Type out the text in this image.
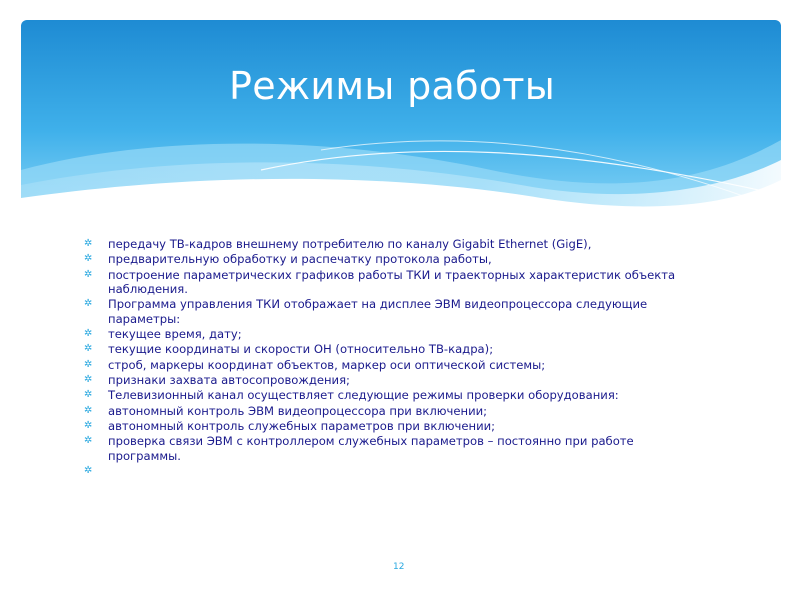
Режимы работы
✲ передачу ТВ-кадров внешнему потребителю по каналу Gigabit Ethernet (GigE),
✲ предварительную обработку и распечатку протокола работы,
✲ построение параметрических графиков работы ТКИ и траекторных характеристик объекта наблюдения.
✲ Программа управления ТКИ отображает на дисплее ЭВМ видеопроцессора следующие параметры:
✲ текущее время, дату;
✲ текущие координаты и скорости ОН (относительно ТВ-кадра);
✲ строб, маркеры координат объектов, маркер оси оптической системы;
✲ признаки захвата автосопровождения;
✲ Телевизионный канал осуществляет следующие режимы проверки оборудования:
✲ автономный контроль ЭВМ видеопроцессора при включении;
✲ автономный контроль служебных параметров при включении;
✲ проверка связи ЭВМ с контроллером служебных параметров – постоянно при работе программы.
✲
12
